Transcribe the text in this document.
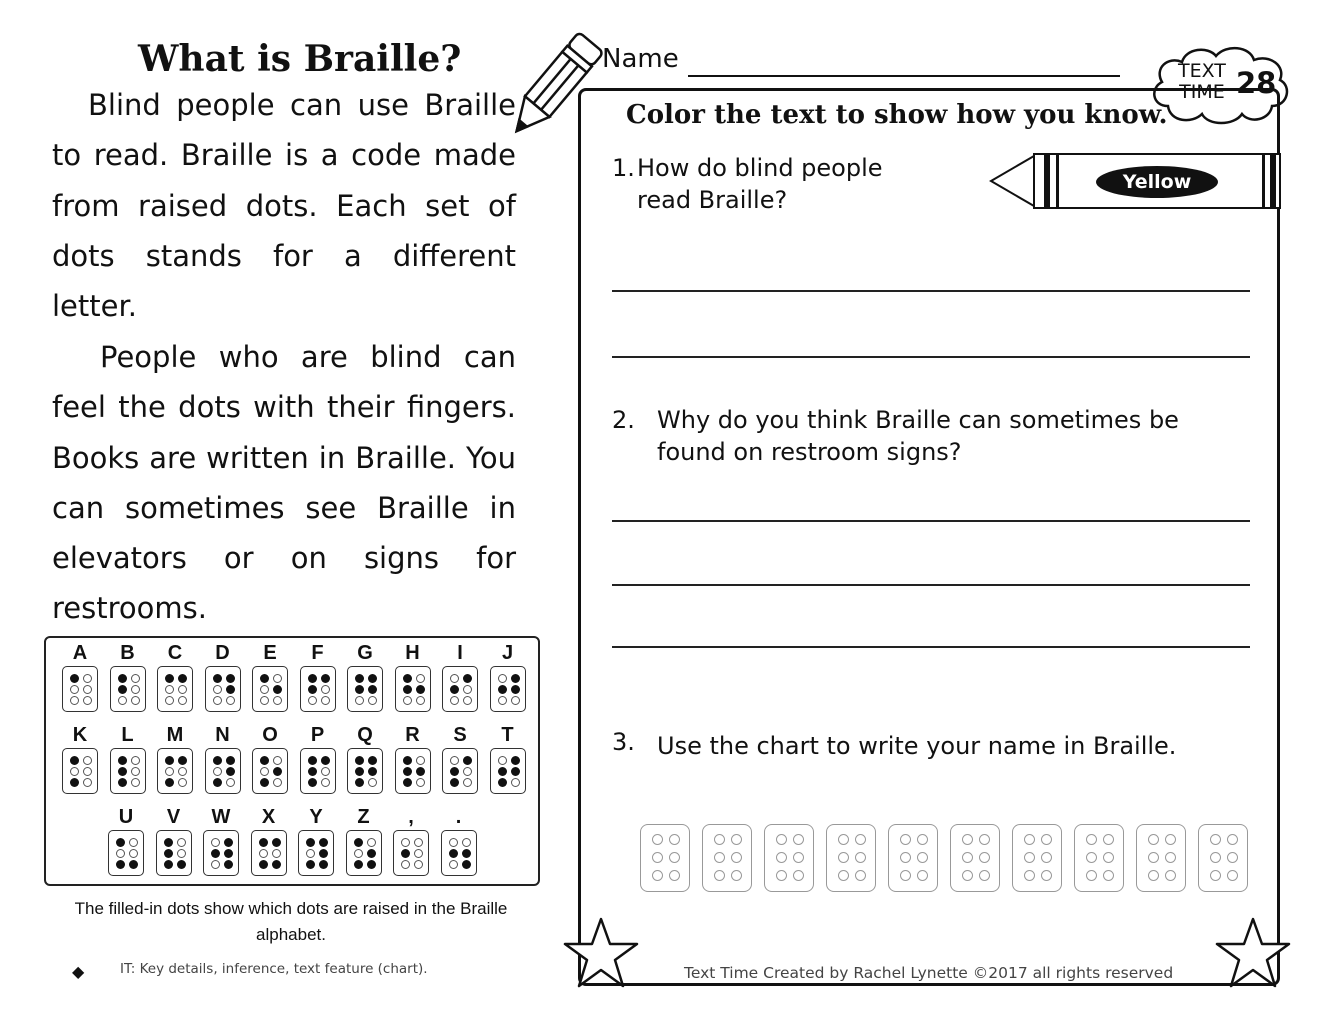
What is Braille?
Blind people can use Braille to read. Braille is a code made from raised dots. Each set of dots stands for a different letter.
People who are blind can feel the dots with their fingers. Books are written in Braille. You can sometimes see Braille in elevators or on signs for restrooms.
A	B	C	D	E	F	G	H	I	J
K	L	M	N	O	P	Q	R	S	T
U	V	W	X	Y	Z	,	.
The filled-in dots show which dots are raised in the Braille alphabet.
◆	IT: Key details, inference, text feature (chart).
Name	TEXT
TIME 28
Color the text to show how you know.
1. How do blind people read Braille?
Yellow
2. Why do you think Braille can sometimes be found on restroom signs?
3. Use the chart to write your name in Braille.
Text Time Created by Rachel Lynette ©2017 all rights reserved
